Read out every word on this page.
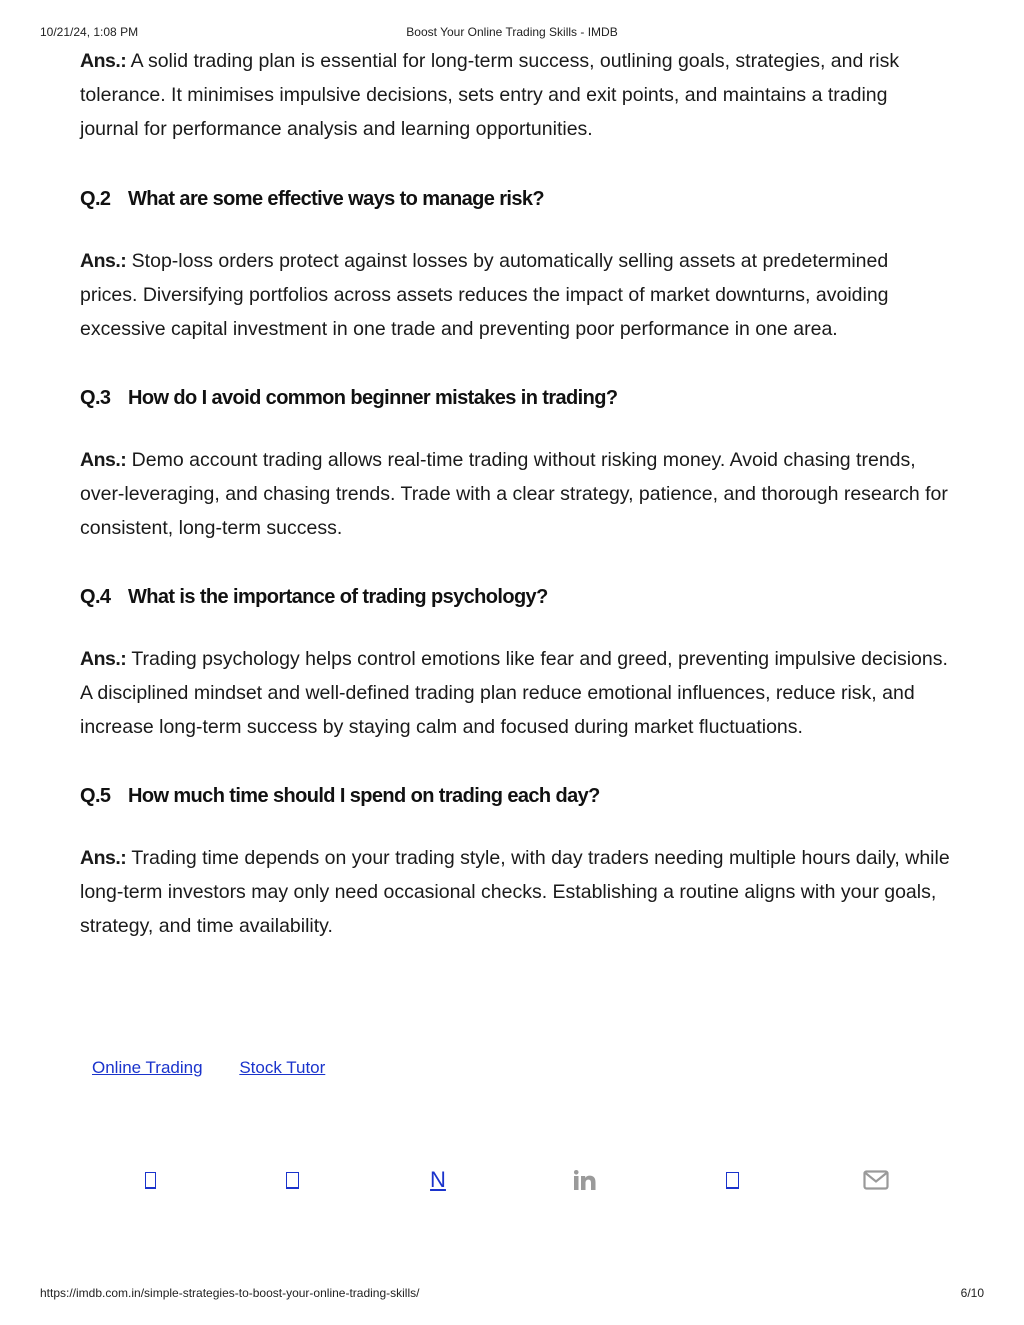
10/21/24, 1:08 PM	Boost Your Online Trading Skills - IMDB

Ans.: A solid trading plan is essential for long-term success, outlining goals, strategies, and risk tolerance. It minimises impulsive decisions, sets entry and exit points, and maintains a trading journal for performance analysis and learning opportunities.

Q.2 What are some effective ways to manage risk?

Ans.: Stop-loss orders protect against losses by automatically selling assets at predetermined prices. Diversifying portfolios across assets reduces the impact of market downturns, avoiding excessive capital investment in one trade and preventing poor performance in one area.

Q.3 How do I avoid common beginner mistakes in trading?

Ans.: Demo account trading allows real-time trading without risking money. Avoid chasing trends, over-leveraging, and chasing trends. Trade with a clear strategy, patience, and thorough research for consistent, long-term success.

Q.4 What is the importance of trading psychology?

Ans.: Trading psychology helps control emotions like fear and greed, preventing impulsive decisions. A disciplined mindset and well-defined trading plan reduce emotional influences, reduce risk, and increase long-term success by staying calm and focused during market fluctuations.

Q.5 How much time should I spend on trading each day?

Ans.: Trading time depends on your trading style, with day traders needing multiple hours daily, while long-term investors may only need occasional checks. Establishing a routine aligns with your goals, strategy, and time availability.

Online Trading Stock Tutor
N
https://imdb.com.in/simple-strategies-to-boost-your-online-trading-skills/	6/10
